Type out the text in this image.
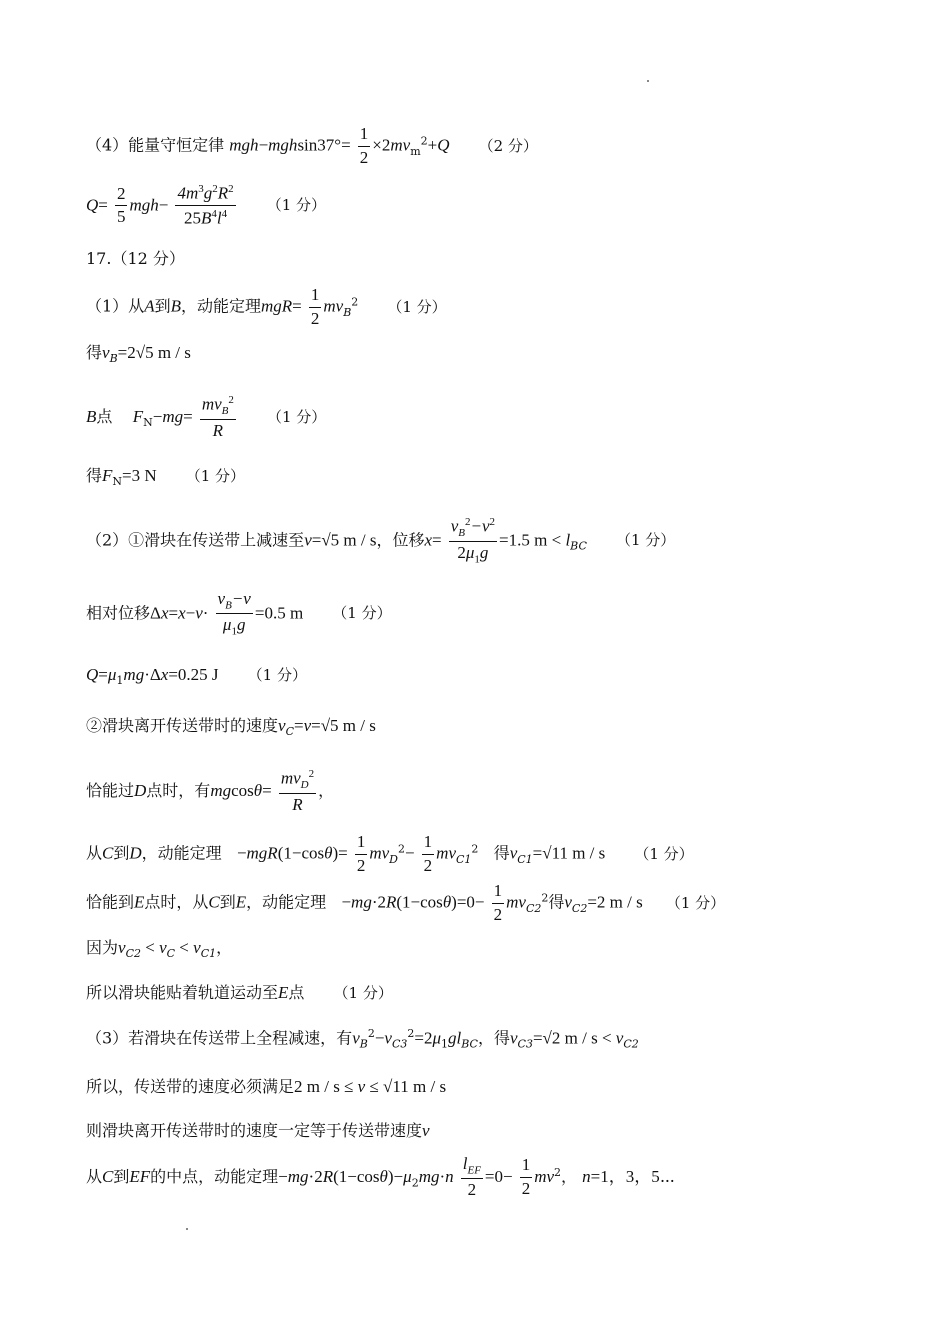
（4）能量守恒定律 $mgh-mghsin37^\circ= \frac{1}{2} \times 2mv_m^2+Q$ （2 分）
$Q= \frac{2}{5} mgh- \frac{4m^3g^2R^2}{25B^4l^4} (1$ 分）
17.（12 分）
（1）从A到B，动能定理$mgR= \frac{1}{2} mv_B^2$ （1 分）
得$v_B=2√5$ m / s
B点 $F_N-mg= \frac{mv_B^2}{R} (1$ 分）
得$F_N=3$ N （1 分）
（2）①滑块在传送带上减速至v=√5 m / s，位移$x= \frac{v_B^2-v^2}{2\mu_1g} =1.5$ $m < l_{BC}$ （1 分）
相对位移$\Delta x=x-v\cdot \frac{v_B-v}{\mu_1g} =0.5$ m （1 分）
$Q=\mu_1mg\cdot\Delta x=0.25$ J （1 分）
②滑块离开传送带时的速度$v_C=v=√5$ m / s
恰能过D点时，有$mgcos\theta= \frac{mv_D^2}{R}$ ，
从C到D，动能定理 $-mgR(1-\cos\theta)= \frac{1}{2} mv_D^2- \frac{1}{2} mv_{C1}^2$ 得$v_{C1}=√11$ m / s （1 分）
恰能到E点时，从C到E，动能定理 $-mg\cdot 2R(1-\cos\theta)=0- \frac{1}{2} mv_{C2}^2$得$v_{C2}=2$ m / s （1 分）
因为$v_{C2} < v_C < v_{C1}$，
所以滑块能贴着轨道运动至E点 （1 分）
（3）若滑块在传送带上全程减速，有$v_B^2-v_{C3}^2=2\mu_1gl_{BC}$，得$v_{C3}=√2$ $m / s < v_{C2}$
所以，传送带的速度必须满足2 m / s ≤ v ≤ √11 m / s
则滑块离开传送带时的速度一定等于传送带速度v
从C到EF的中点，动能定理$-mg\cdot 2R(1-\cos\theta)-\mu_2mg\cdot n \frac{l_{EF}}{2} =0- \frac{1}{2} mv^2$， n=1，3，5⋯
